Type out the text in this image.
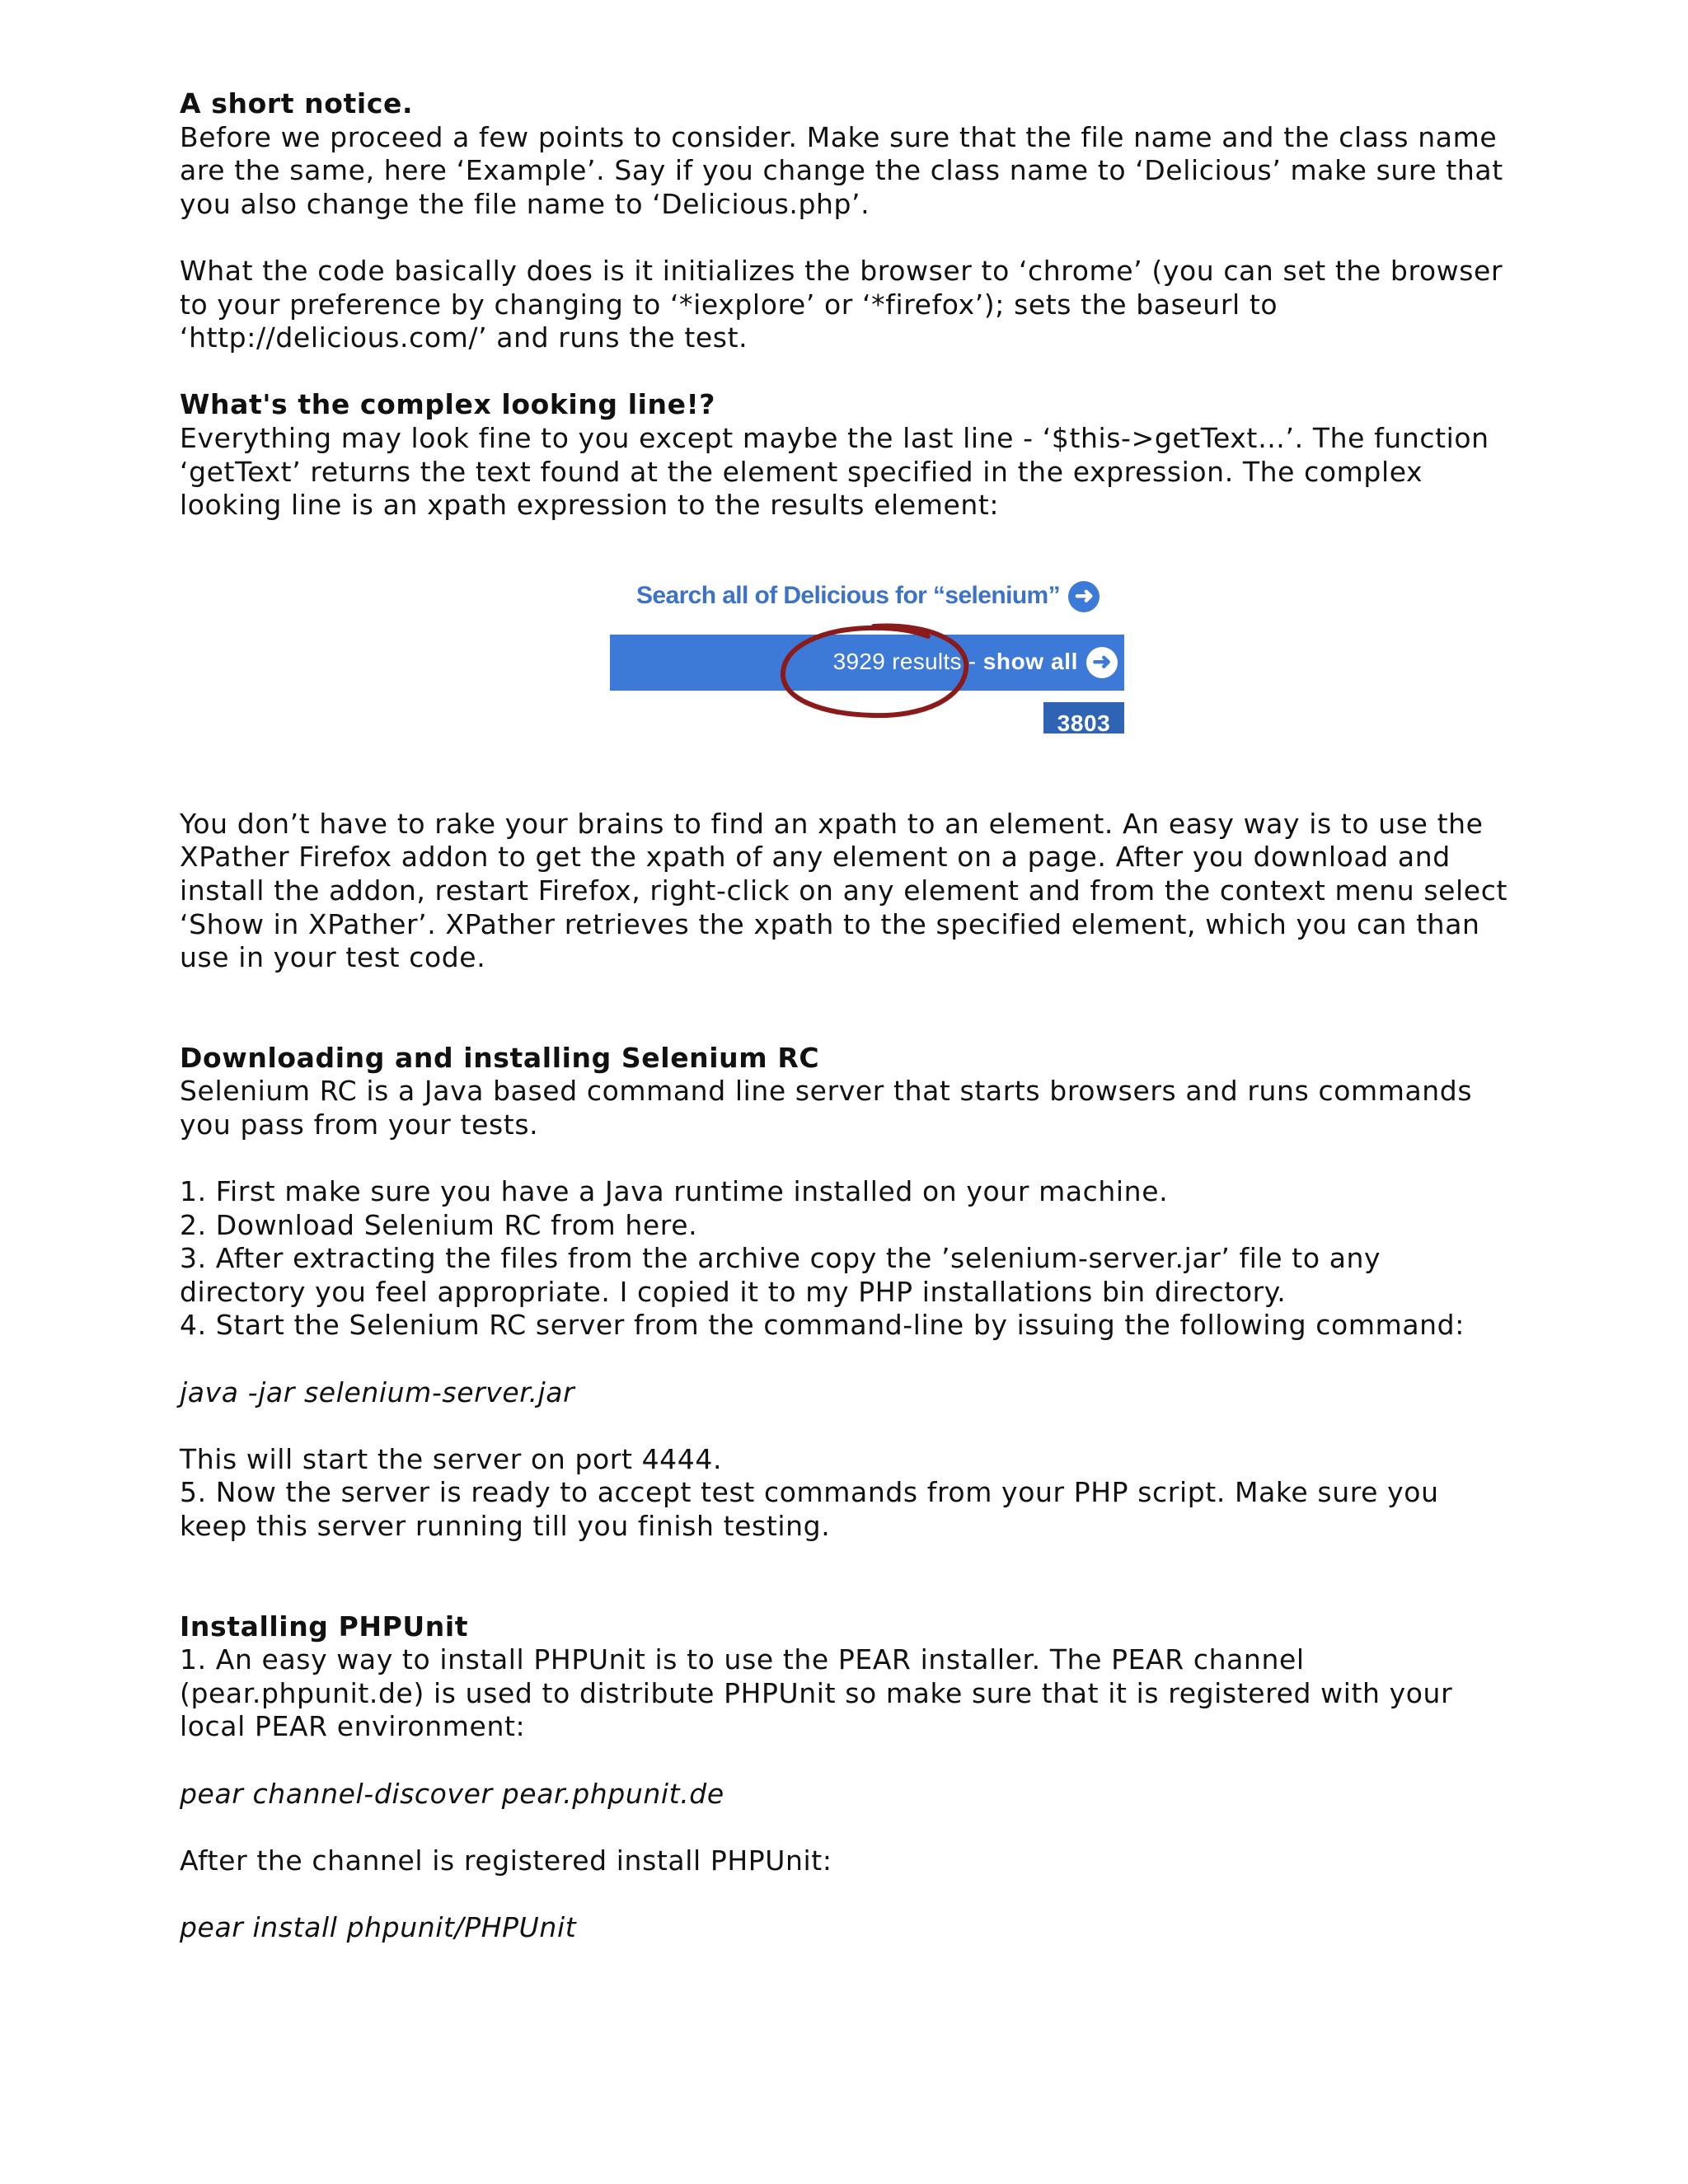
A short notice.

Before we proceed a few points to consider. Make sure that the file name and the class name are the same, here ‘Example’. Say if you change the class name to ‘Delicious’ make sure that you also change the file name to ‘Delicious.php’.

What the code basically does is it initializes the browser to ‘chrome’ (you can set the browser to your preference by changing to ‘*iexplore’ or ‘*firefox’); sets the baseurl to ‘http://delicious.com/’ and runs the test.

What's the complex looking line!?

Everything may look fine to you except maybe the last line - ‘$this->getText…’. The function ‘getText’ returns the text found at the element specified in the expression. The complex looking line is an xpath expression to the results element:

Search all of Delicious for “selenium” ➜
3929 results - show all ➜
3803

You don’t have to rake your brains to find an xpath to an element. An easy way is to use the XPather Firefox addon to get the xpath of any element on a page. After you download and install the addon, restart Firefox, right-click on any element and from the context menu select ‘Show in XPather’. XPather retrieves the xpath to the specified element, which you can than use in your test code.

Downloading and installing Selenium RC

Selenium RC is a Java based command line server that starts browsers and runs commands you pass from your tests.

1. First make sure you have a Java runtime installed on your machine.

2. Download Selenium RC from here.

3. After extracting the files from the archive copy the ’selenium-server.jar’ file to any directory you feel appropriate. I copied it to my PHP installations bin directory.

4. Start the Selenium RC server from the command-line by issuing the following command:

java -jar selenium-server.jar

This will start the server on port 4444.

5. Now the server is ready to accept test commands from your PHP script. Make sure you keep this server running till you finish testing.

Installing PHPUnit

1. An easy way to install PHPUnit is to use the PEAR installer. The PEAR channel (pear.phpunit.de) is used to distribute PHPUnit so make sure that it is registered with your local PEAR environment:

pear channel-discover pear.phpunit.de

After the channel is registered install PHPUnit:

pear install phpunit/PHPUnit
